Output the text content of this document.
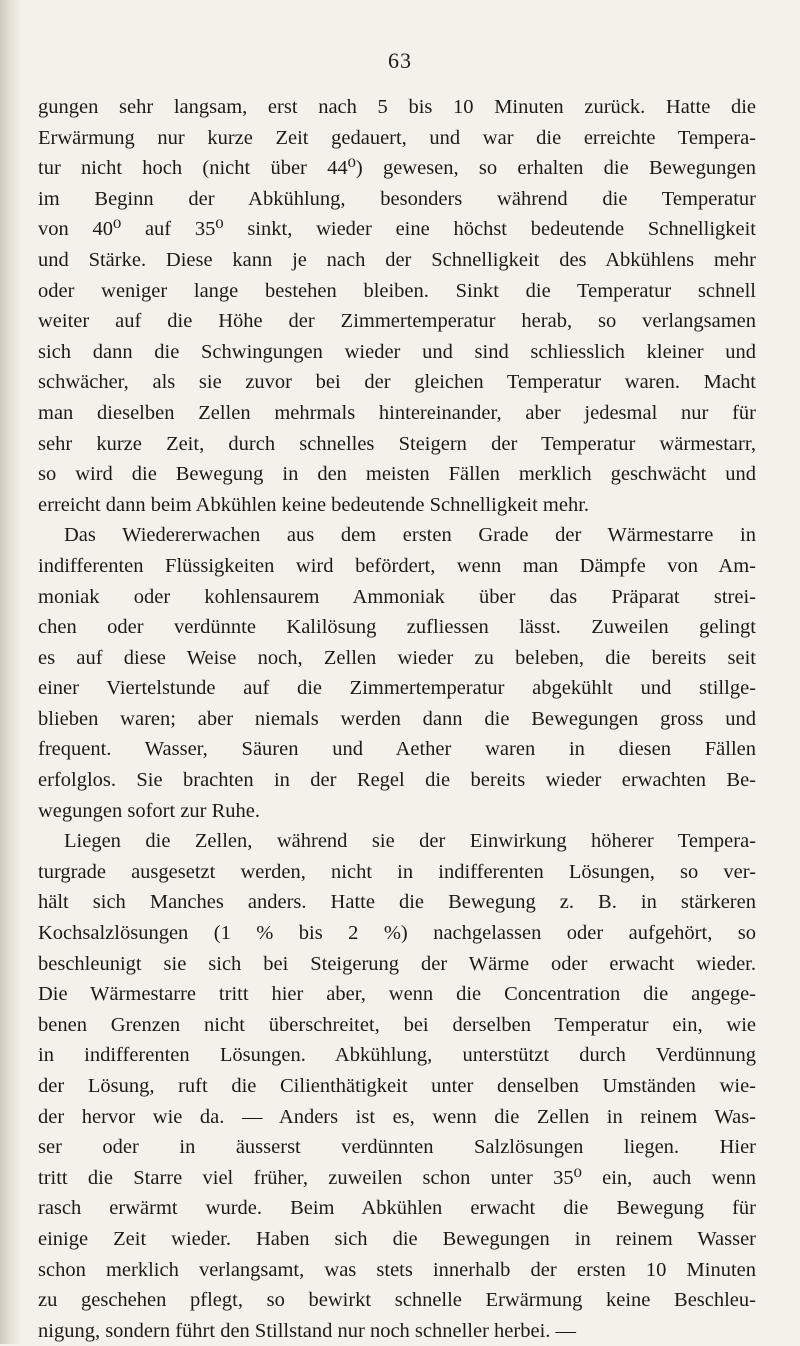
63
gungen sehr langsam, erst nach 5 bis 10 Minuten zurück. Hatte die
Erwärmung nur kurze Zeit gedauert, und war die erreichte Tempera-
tur nicht hoch (nicht über 44⁰) gewesen, so erhalten die Bewegungen
im Beginn der Abkühlung, besonders während die Temperatur
von 40⁰ auf 35⁰ sinkt, wieder eine höchst bedeutende Schnelligkeit
und Stärke. Diese kann je nach der Schnelligkeit des Abkühlens mehr
oder weniger lange bestehen bleiben. Sinkt die Temperatur schnell
weiter auf die Höhe der Zimmertemperatur herab, so verlangsamen
sich dann die Schwingungen wieder und sind schliesslich kleiner und
schwächer, als sie zuvor bei der gleichen Temperatur waren. Macht
man dieselben Zellen mehrmals hintereinander, aber jedesmal nur für
sehr kurze Zeit, durch schnelles Steigern der Temperatur wärmestarr,
so wird die Bewegung in den meisten Fällen merklich geschwächt und
erreicht dann beim Abkühlen keine bedeutende Schnelligkeit mehr.
Das Wiedererwachen aus dem ersten Grade der Wärmestarre in
indifferenten Flüssigkeiten wird befördert, wenn man Dämpfe von Am-
moniak oder kohlensaurem Ammoniak über das Präparat strei-
chen oder verdünnte Kalilösung zufliessen lässt. Zuweilen gelingt
es auf diese Weise noch, Zellen wieder zu beleben, die bereits seit
einer Viertelstunde auf die Zimmertemperatur abgekühlt und stillge-
blieben waren; aber niemals werden dann die Bewegungen gross und
frequent. Wasser, Säuren und Aether waren in diesen Fällen
erfolglos. Sie brachten in der Regel die bereits wieder erwachten Be-
wegungen sofort zur Ruhe.
Liegen die Zellen, während sie der Einwirkung höherer Tempera-
turgrade ausgesetzt werden, nicht in indifferenten Lösungen, so ver-
hält sich Manches anders. Hatte die Bewegung z. B. in stärkeren
Kochsalzlösungen (1 % bis 2 %) nachgelassen oder aufgehört, so
beschleunigt sie sich bei Steigerung der Wärme oder erwacht wieder.
Die Wärmestarre tritt hier aber, wenn die Concentration die angege-
benen Grenzen nicht überschreitet, bei derselben Temperatur ein, wie
in indifferenten Lösungen. Abkühlung, unterstützt durch Verdünnung
der Lösung, ruft die Cilienthätigkeit unter denselben Umständen wie-
der hervor wie da. — Anders ist es, wenn die Zellen in reinem Was-
ser oder in äusserst verdünnten Salzlösungen liegen. Hier
tritt die Starre viel früher, zuweilen schon unter 35⁰ ein, auch wenn
rasch erwärmt wurde. Beim Abkühlen erwacht die Bewegung für
einige Zeit wieder. Haben sich die Bewegungen in reinem Wasser
schon merklich verlangsamt, was stets innerhalb der ersten 10 Minuten
zu geschehen pflegt, so bewirkt schnelle Erwärmung keine Beschleu-
nigung, sondern führt den Stillstand nur noch schneller herbei. —
